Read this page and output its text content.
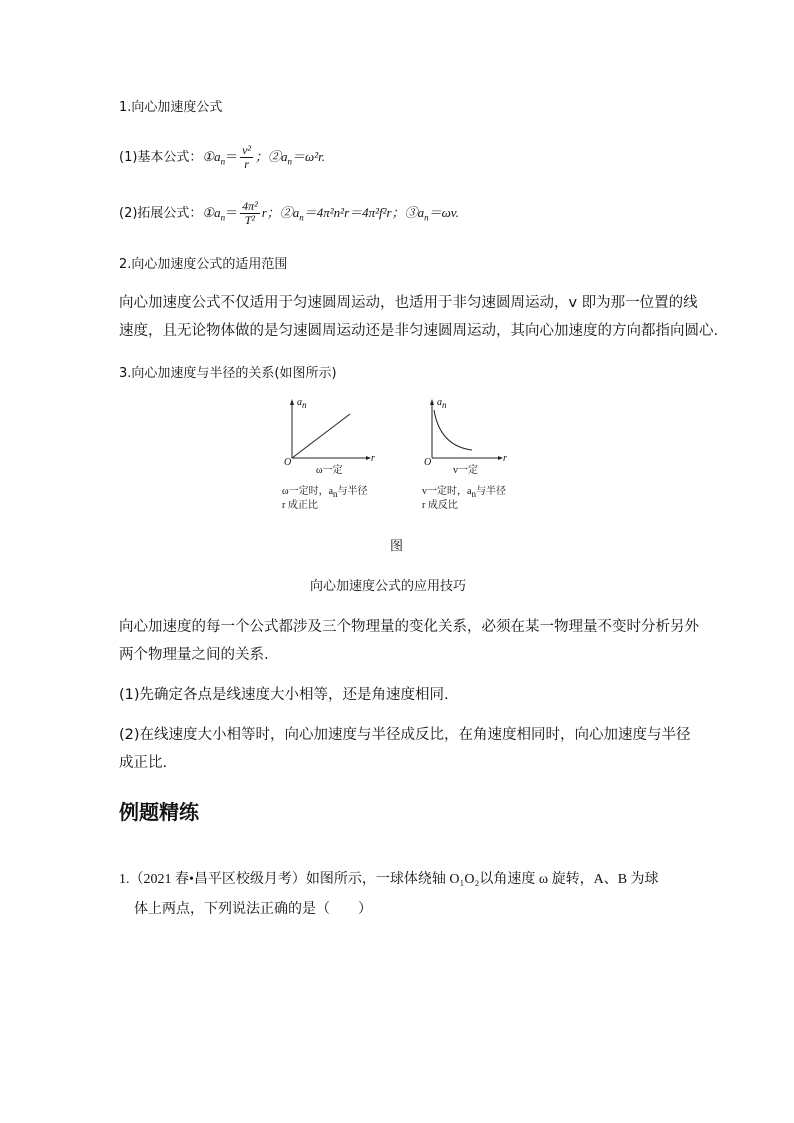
1.向心加速度公式
(1)基本公式：$①a_n= \frac{\text{v²}}{r}$ ；$②a_n=\omega^2r$.
(2)拓展公式：$①a_n= \frac{\text{4π²}}{\text{T²}}$ r；$②a_n=4\pi^2n^2r=4\pi^2f^2r$；$③a_n=\omega v$.
2.向心加速度公式的适用范围
向心加速度公式不仅适用于匀速圆周运动，也适用于非匀速圆周运动，v 即为那一位置的线
速度，且无论物体做的是匀速圆周运动还是非匀速圆周运动，其向心加速度的方向都指向圆心.
3.向心加速度与半径的关系(如图所示)
$a_n$
O	r
ω一定
ω一定时，$a_n$与半径
r 成正比
$a_n$
O	r
v一定
v一定时，$a_n$与半径
r 成反比
图
向心加速度公式的应用技巧
向心加速度的每一个公式都涉及三个物理量的变化关系，必须在某一物理量不变时分析另外
两个物理量之间的关系.
(1)先确定各点是线速度大小相等，还是角速度相同.
(2)在线速度大小相等时，向心加速度与半径成反比，在角速度相同时，向心加速度与半径
成正比.
例题精练
1.（2021 春•昌平区校级月考）如图所示，一球体绕轴 O₁O₂以角速度 ω 旋转，A、B 为球
体上两点，下列说法正确的是（ ）
